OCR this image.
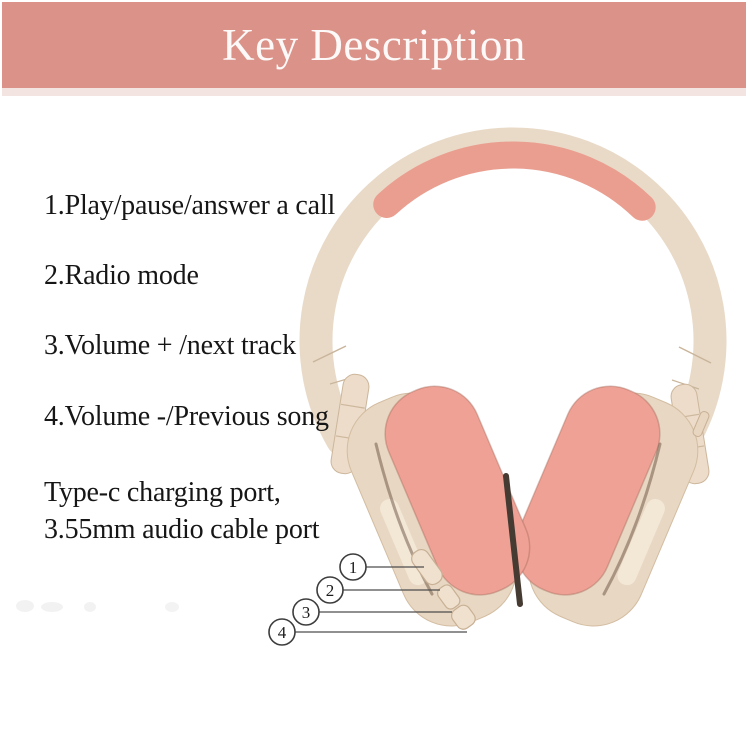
Key Description
1.Play/pause/answer a call
2.Radio mode
3.Volume + /next track
4.Volume -/Previous song
Type-c charging port,
3.55mm audio cable port
1
2
3
4
